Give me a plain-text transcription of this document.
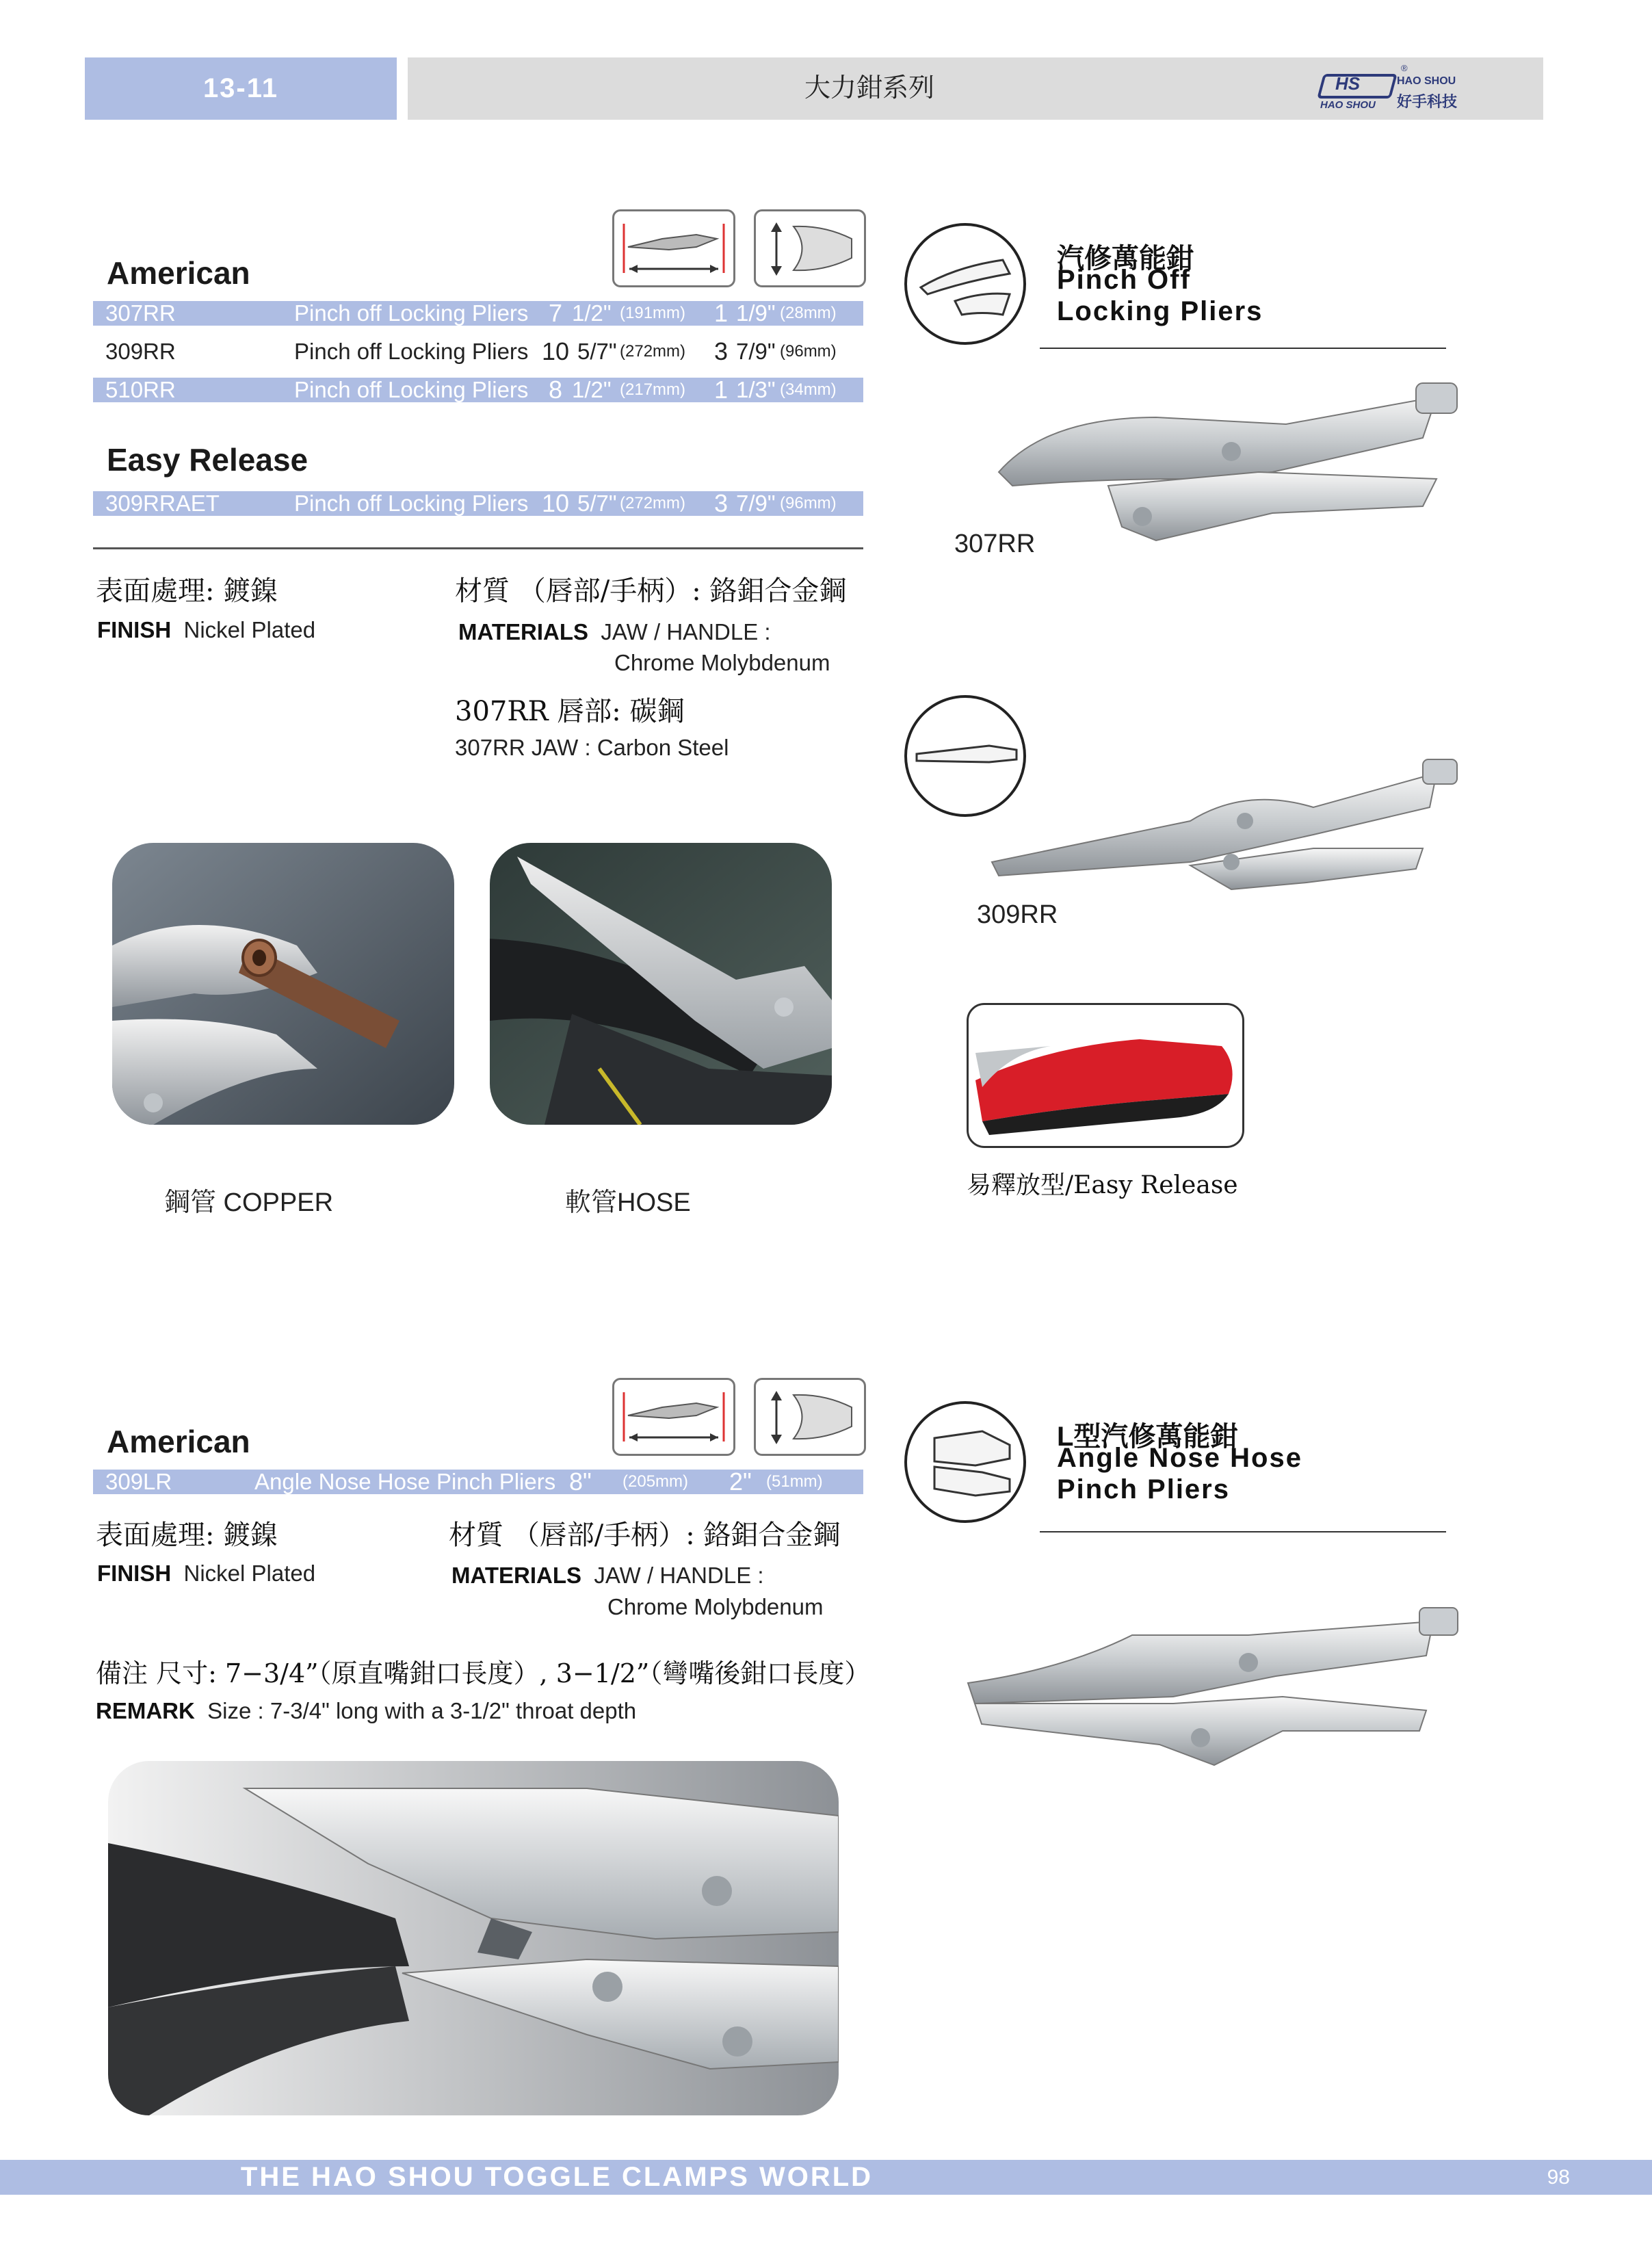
13-11	大力鉗系列	HS
HAO SHOU
®
HAO SHOU
好手科技
American
307RR	Pinch off Locking Pliers 7 1/2" (191mm) 1 1/9" (28mm)
309RR	Pinch off Locking Pliers 10 5/7" (272mm) 3 7/9" (96mm)
510RR	Pinch off Locking Pliers 8 1/2" (217mm) 1 1/3" (34mm)
Easy Release
309RRAET	Pinch off Locking Pliers 10 5/7" (272mm) 3 7/9" (96mm)
表面處理: 鍍鎳
FINISH Nickel Plated
材質 （唇部/手柄）: 鉻鉬合金鋼
MATERIALS JAW / HANDLE :
Chrome Molybdenum
307RR 唇部: 碳鋼
307RR JAW : Carbon Steel
鋼管 COPPER	軟管HOSE
汽修萬能鉗
Pinch Off
Locking Pliers
307RR
309RR
易釋放型/Easy Release
American
309LR	Angle Nose Hose Pinch Pliers 8" (205mm) 2" (51mm)
表面處理: 鍍鎳
FINISH Nickel Plated
材質 （唇部/手柄）: 鉻鉬合金鋼
MATERIALS JAW / HANDLE :
Chrome Molybdenum
備注 尺寸: 7−3/4”（原直嘴鉗口長度）, 3−1/2”（彎嘴後鉗口長度）
REMARK Size : 7-3/4" long with a 3-1/2" throat depth
L型汽修萬能鉗
Angle Nose Hose
Pinch Pliers
THE HAO SHOU TOGGLE CLAMPS WORLD	98
